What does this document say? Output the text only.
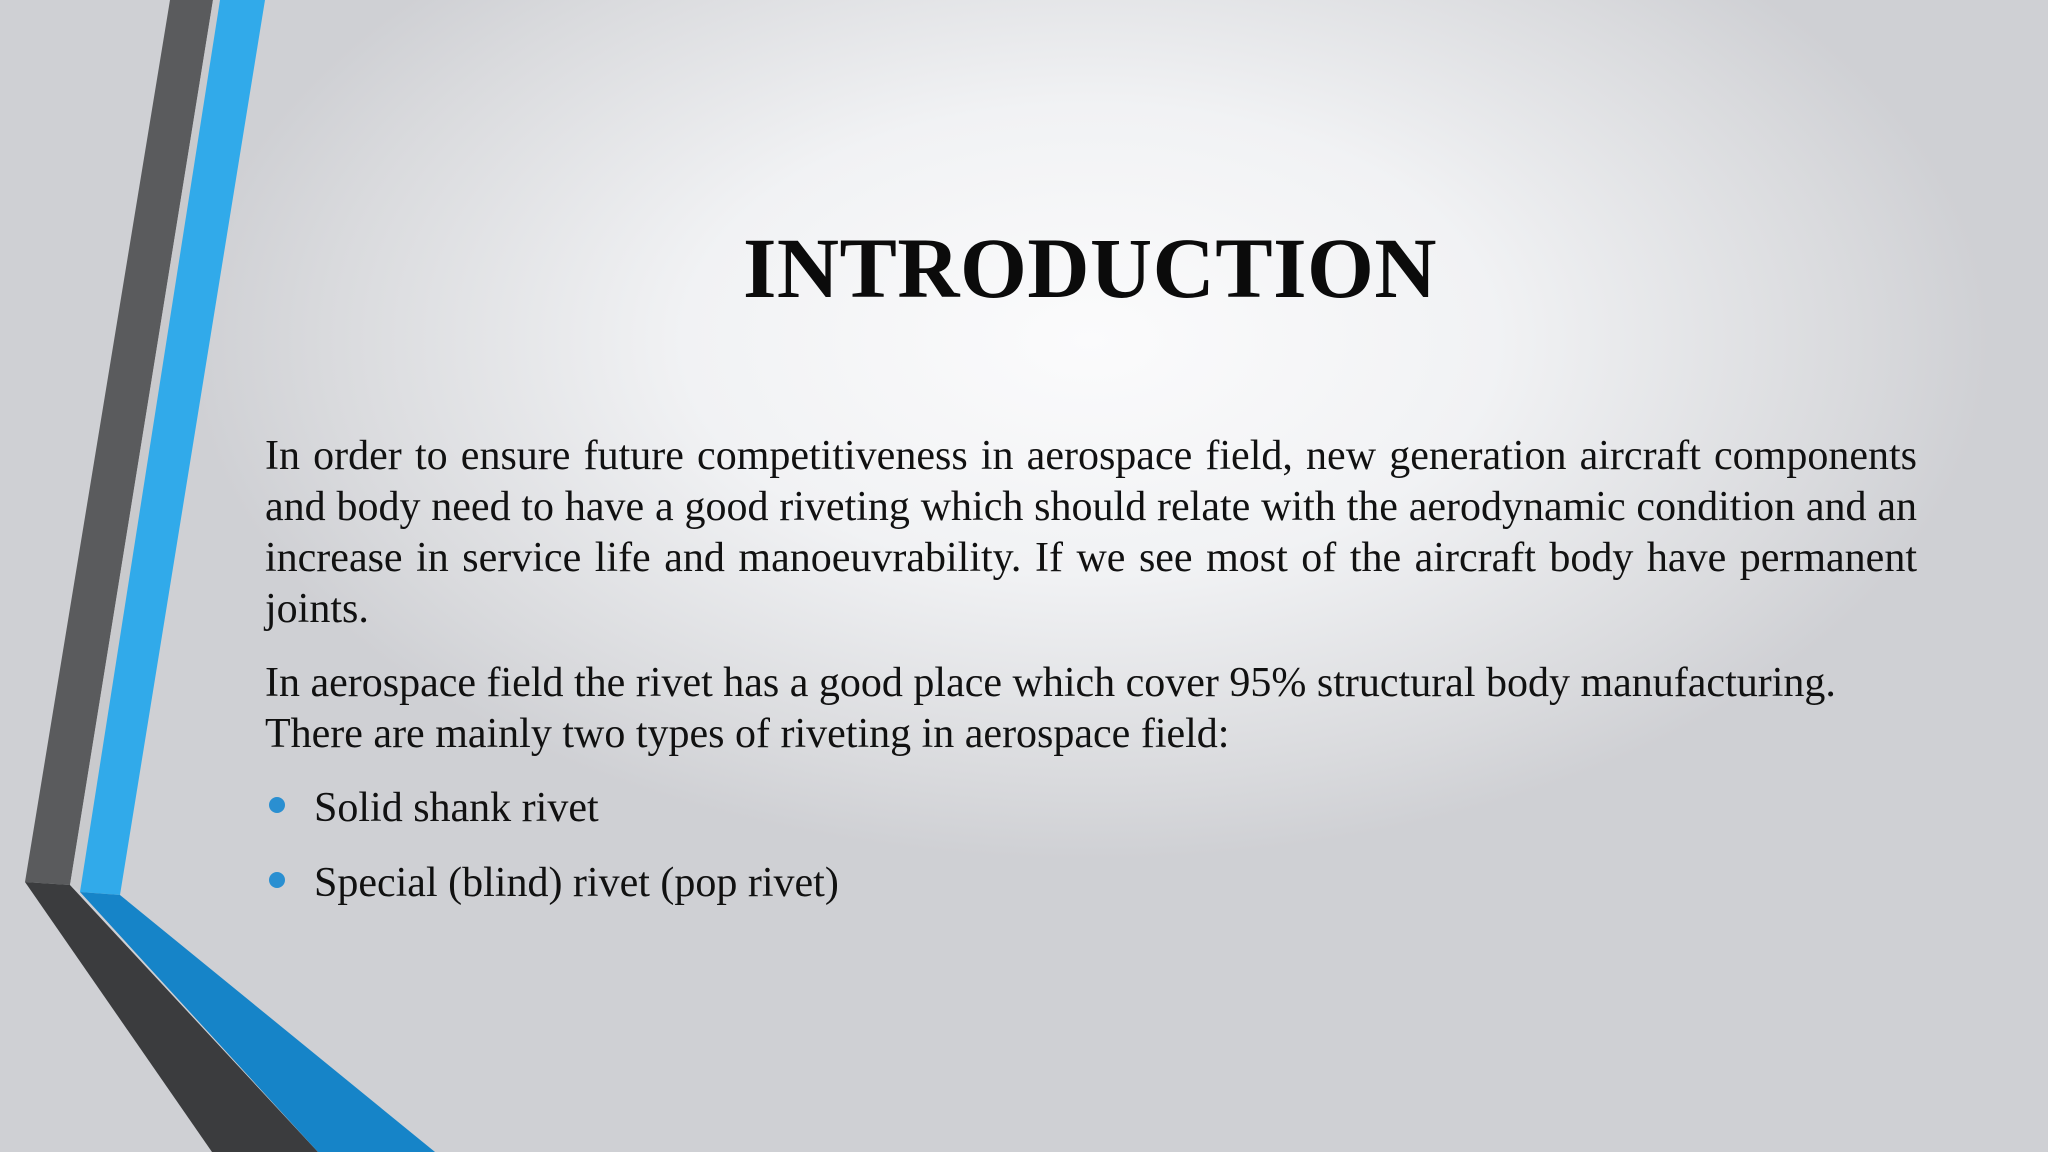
INTRODUCTION

In order to ensure future competitiveness in aerospace field, new generation aircraft components and body need to have a good riveting which should relate with the aerodynamic condition and an increase in service life and manoeuvrability. If we see most of the aircraft body have permanent joints.

In aerospace field the rivet has a good place which cover 95% structural body manufacturing. There are mainly two types of riveting in aerospace field:

Solid shank rivet
Special (blind) rivet (pop rivet)
